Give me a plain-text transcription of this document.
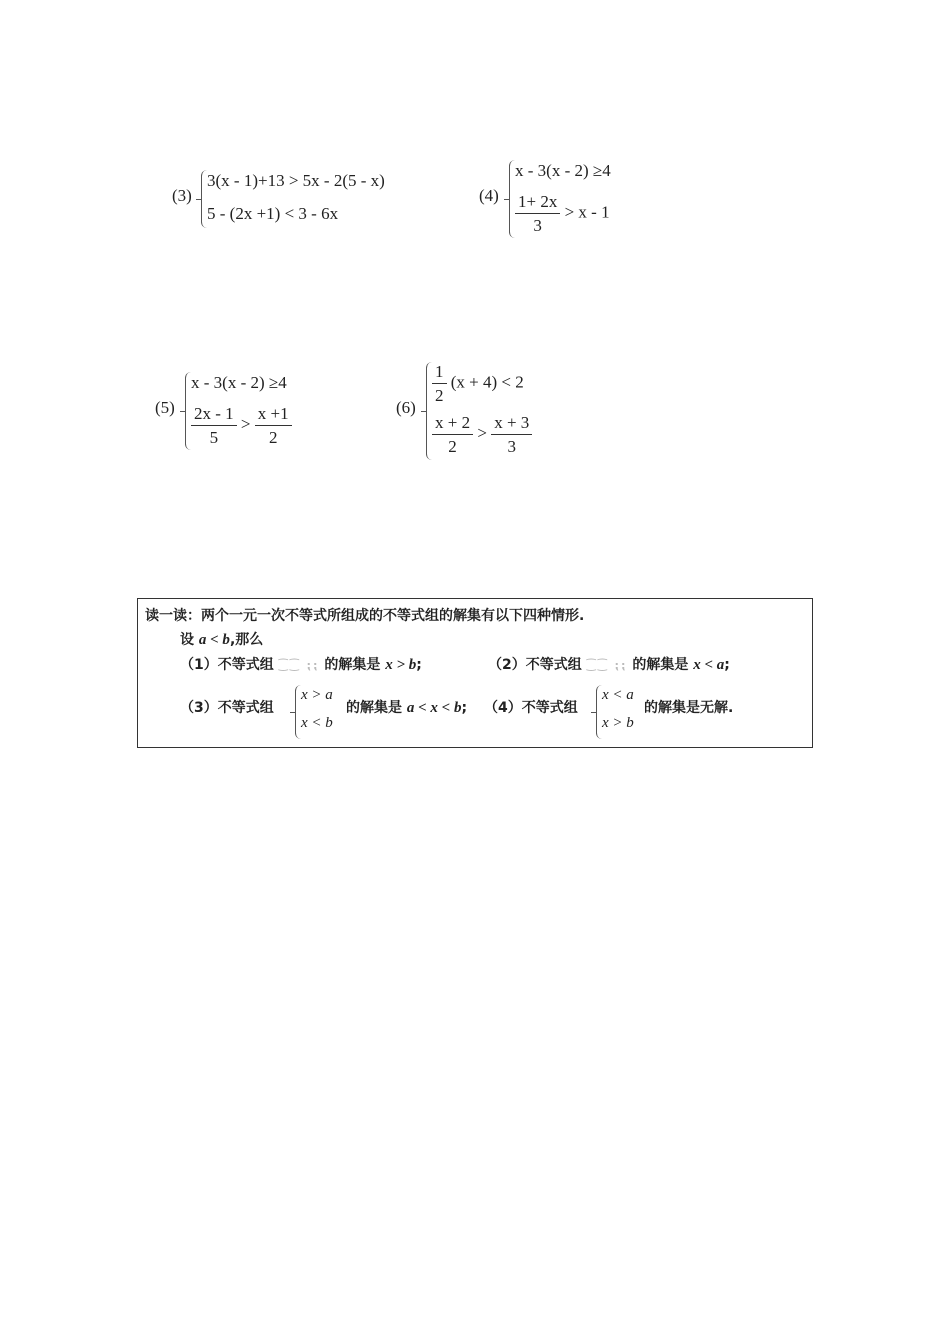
(3)
3(x - 1)+13 > 5x - 2(5 - x)
5 - (2x +1) < 3 - 6x
(4)
x - 3(x - 2) ≥4
$\frac{1+ 2x}{3} > x - 1$
(5)
x - 3(x - 2) ≥4
$\frac{2x - 1}{5} > \frac{x +1}{2}$	(6)
$\frac{1}{2} (x + 4) < 2$
$\frac{x + 2}{2} > \frac{x + 3}{3}$
读一读：两个一元一次不等式所组成的不等式组的解集有以下四种情形.
设 a < b,那么
（1）不等式组 ⁐⁐ ⁏⁏ 的解集是 x > b;	（2）不等式组 ⁐⁐ ⁏⁏ 的解集是 x < a;
（3）不等式组
x > a
x < b
的解集是 a < x < b; （4）不等式组
x < a
x > b
的解集是无解.
